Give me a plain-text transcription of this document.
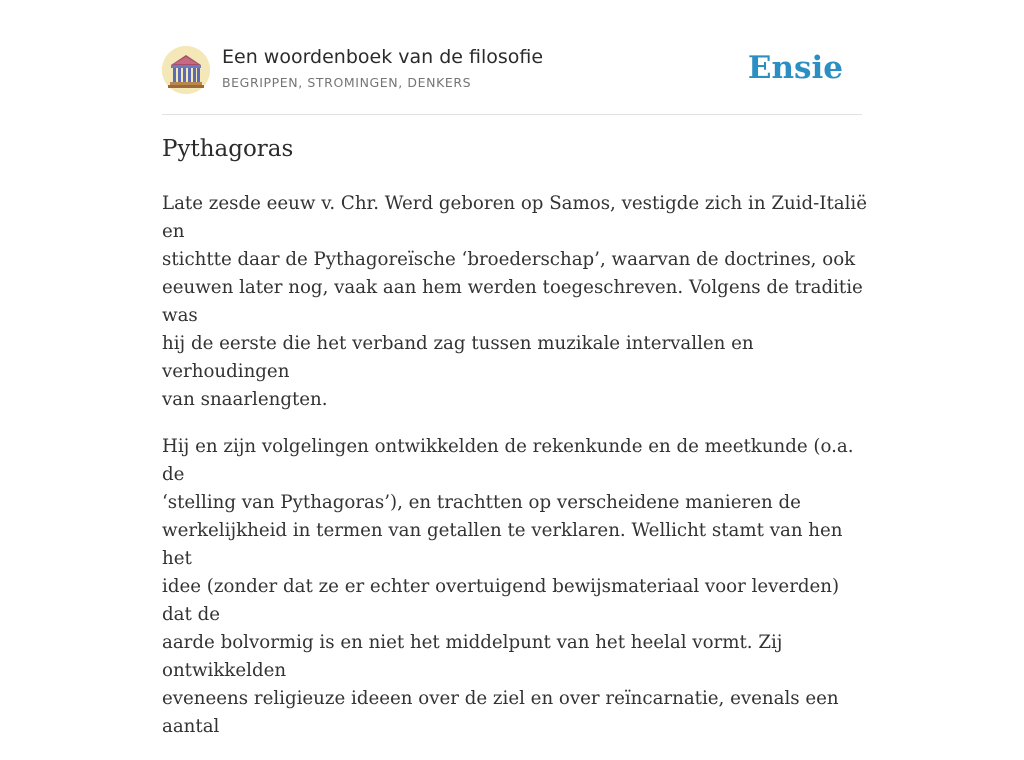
Een woordenboek van de filosofie
BEGRIPPEN, STROMINGEN, DENKERS	Ensie
Pythagoras

Late zesde eeuw v. Chr. Werd geboren op Samos, vestigde zich in Zuid-Italië en
stichtte daar de Pythagoreïsche ‘broederschap’, waarvan de doctrines, ook
eeuwen later nog, vaak aan hem werden toegeschreven. Volgens de traditie was
hij de eerste die het verband zag tussen muzikale intervallen en verhoudingen
van snaarlengten.

Hij en zijn volgelingen ontwikkelden de rekenkunde en de meetkunde (o.a. de
‘stelling van Pythagoras’), en trachtten op verscheidene manieren de
werkelijkheid in termen van getallen te verklaren. Wellicht stamt van hen het
idee (zonder dat ze er echter overtuigend bewijsmateriaal voor leverden) dat de
aarde bolvormig is en niet het middelpunt van het heelal vormt. Zij ontwikkelden
eveneens religieuze ideeen over de ziel en over reïncarnatie, evenals een aantal
